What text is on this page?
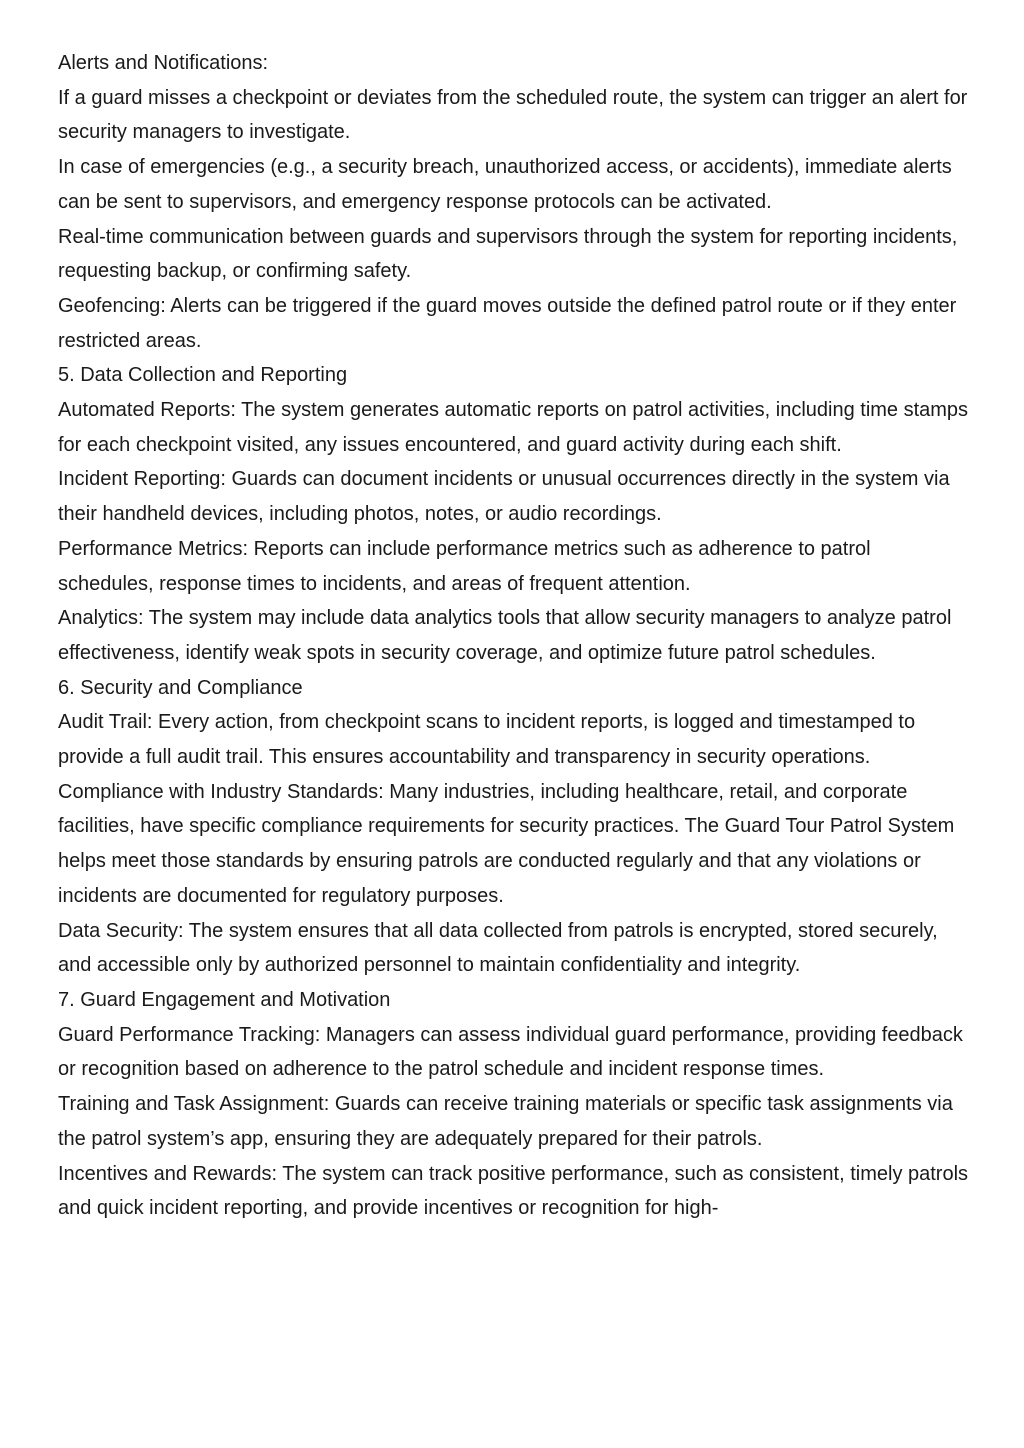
Alerts and Notifications:

If a guard misses a checkpoint or deviates from the scheduled route, the system can trigger an alert for security managers to investigate.

In case of emergencies (e.g., a security breach, unauthorized access, or accidents), immediate alerts can be sent to supervisors, and emergency response protocols can be activated.

Real-time communication between guards and supervisors through the system for reporting incidents, requesting backup, or confirming safety.

Geofencing: Alerts can be triggered if the guard moves outside the defined patrol route or if they enter restricted areas.

5. Data Collection and Reporting

Automated Reports: The system generates automatic reports on patrol activities, including time stamps for each checkpoint visited, any issues encountered, and guard activity during each shift.

Incident Reporting: Guards can document incidents or unusual occurrences directly in the system via their handheld devices, including photos, notes, or audio recordings.

Performance Metrics: Reports can include performance metrics such as adherence to patrol schedules, response times to incidents, and areas of frequent attention.

Analytics: The system may include data analytics tools that allow security managers to analyze patrol effectiveness, identify weak spots in security coverage, and optimize future patrol schedules.

6. Security and Compliance

Audit Trail: Every action, from checkpoint scans to incident reports, is logged and timestamped to provide a full audit trail. This ensures accountability and transparency in security operations.

Compliance with Industry Standards: Many industries, including healthcare, retail, and corporate facilities, have specific compliance requirements for security practices. The Guard Tour Patrol System helps meet those standards by ensuring patrols are conducted regularly and that any violations or incidents are documented for regulatory purposes.

Data Security: The system ensures that all data collected from patrols is encrypted, stored securely, and accessible only by authorized personnel to maintain confidentiality and integrity.

7. Guard Engagement and Motivation

Guard Performance Tracking: Managers can assess individual guard performance, providing feedback or recognition based on adherence to the patrol schedule and incident response times.

Training and Task Assignment: Guards can receive training materials or specific task assignments via the patrol system’s app, ensuring they are adequately prepared for their patrols.

Incentives and Rewards: The system can track positive performance, such as consistent, timely patrols and quick incident reporting, and provide incentives or recognition for high-
